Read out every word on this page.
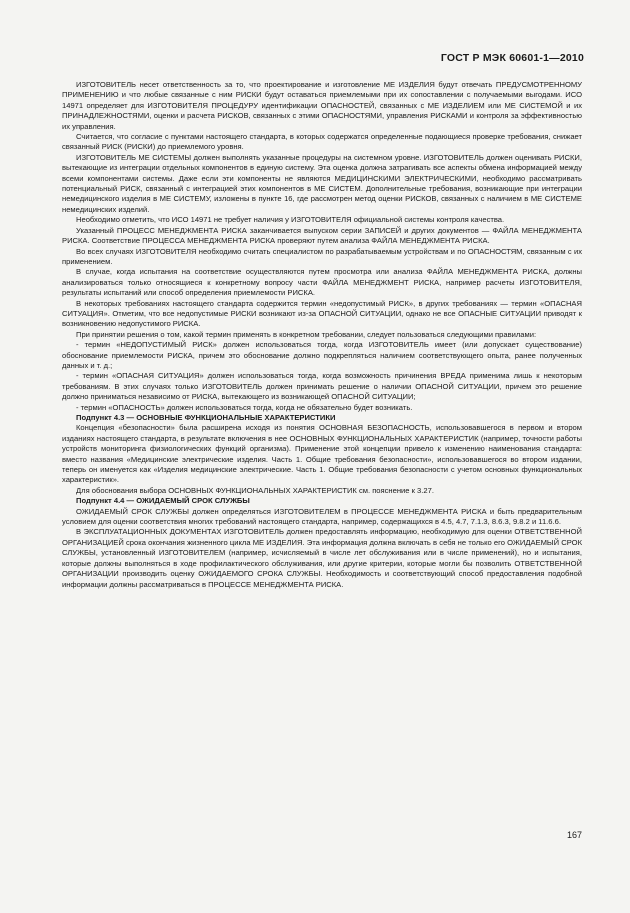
ГОСТ Р МЭК 60601-1—2010

ИЗГОТОВИТЕЛЬ несет ответственность за то, что проектирование и изготовление МЕ ИЗДЕЛИЯ будут отвечать ПРЕДУСМОТРЕННОМУ ПРИМЕНЕНИЮ и что любые связанные с ним РИСКИ будут оставаться приемлемыми при их сопоставлении с получаемыми выгодами. ИСО 14971 определяет для ИЗГОТОВИТЕЛЯ ПРОЦЕДУРУ идентификации ОПАСНОСТЕЙ, связанных с МЕ ИЗДЕЛИЕМ или МЕ СИСТЕМОЙ и их ПРИНАДЛЕЖНОСТЯМИ, оценки и расчета РИСКОВ, связанных с этими ОПАСНОСТЯМИ, управления РИСКАМИ и контроля за эффективностью их управления.

Считается, что согласие с пунктами настоящего стандарта, в которых содержатся определенные подающиеся проверке требования, снижает связанный РИСК (РИСКИ) до приемлемого уровня.

ИЗГОТОВИТЕЛЬ МЕ СИСТЕМЫ должен выполнять указанные процедуры на системном уровне. ИЗГОТОВИТЕЛЬ должен оценивать РИСКИ, вытекающие из интеграции отдельных компонентов в единую систему. Эта оценка должна затрагивать все аспекты обмена информацией между всеми компонентами системы. Даже если эти компоненты не являются МЕДИЦИНСКИМИ ЭЛЕКТРИЧЕСКИМИ, необходимо рассматривать потенциальный РИСК, связанный с интеграцией этих компонентов в МЕ СИСТЕМ. Дополнительные требования, возникающие при интеграции немедицинского изделия в МЕ СИСТЕМУ, изложены в пункте 16, где рассмотрен метод оценки РИСКОВ, связанных с наличием в МЕ СИСТЕМЕ немедицинских изделий.

Необходимо отметить, что ИСО 14971 не требует наличия у ИЗГОТОВИТЕЛЯ официальной системы контроля качества.

Указанный ПРОЦЕСС МЕНЕДЖМЕНТА РИСКА заканчивается выпуском серии ЗАПИСЕЙ и других документов — ФАЙЛА МЕНЕДЖМЕНТА РИСКА. Соответствие ПРОЦЕССА МЕНЕДЖМЕНТА РИСКА проверяют путем анализа ФАЙЛА МЕНЕДЖМЕНТА РИСКА.

Во всех случаях ИЗГОТОВИТЕЛЯ необходимо считать специалистом по разрабатываемым устройствам и по ОПАСНОСТЯМ, связанным с их применением.

В случае, когда испытания на соответствие осуществляются путем просмотра или анализа ФАЙЛА МЕНЕДЖМЕНТА РИСКА, должны анализироваться только относящиеся к конкретному вопросу части ФАЙЛА МЕНЕДЖМЕНТ РИСКА, например расчеты ИЗГОТОВИТЕЛЯ, результаты испытаний или способ определения приемлемости РИСКА.

В некоторых требованиях настоящего стандарта содержится термин «недопустимый РИСК», в других требованиях — термин «ОПАСНАЯ СИТУАЦИЯ». Отметим, что все недопустимые РИСКИ возникают из-за ОПАСНОЙ СИТУАЦИИ, однако не все ОПАСНЫЕ СИТУАЦИИ приводят к возникновению недопустимого РИСКА.

При принятии решения о том, какой термин применять в конкретном требовании, следует пользоваться следующими правилами:

- термин «НЕДОПУСТИМЫЙ РИСК» должен использоваться тогда, когда ИЗГОТОВИТЕЛЬ имеет (или допускает существование) обоснование приемлемости РИСКА, причем это обоснование должно подкрепляться наличием соответствующего опыта, ранее полученных данных и т. д.;

- термин «ОПАСНАЯ СИТУАЦИЯ» должен использоваться тогда, когда возможность причинения ВРЕДА применима лишь к некоторым требованиям. В этих случаях только ИЗГОТОВИТЕЛЬ должен принимать решение о наличии ОПАСНОЙ СИТУАЦИИ, причем это решение должно приниматься независимо от РИСКА, вытекающего из возникающей ОПАСНОЙ СИТУАЦИИ;

- термин «ОПАСНОСТЬ» должен использоваться тогда, когда не обязательно будет возникать.

Подпункт 4.3 — ОСНОВНЫЕ ФУНКЦИОНАЛЬНЫЕ ХАРАКТЕРИСТИКИ

Концепция «безопасности» была расширена исходя из понятия ОСНОВНАЯ БЕЗОПАСНОСТЬ, использовавшегося в первом и втором изданиях настоящего стандарта, в результате включения в нее ОСНОВНЫХ ФУНКЦИОНАЛЬНЫХ ХАРАКТЕРИСТИК (например, точности работы устройств мониторинга физиологических функций организма). Применение этой концепции привело к изменению наименования стандарта: вместо названия «Медицинские электрические изделия. Часть 1. Общие требования безопасности», использовавшегося во втором издании, теперь он именуется как «Изделия медицинские электрические. Часть 1. Общие требования безопасности с учетом основных функциональных характеристик».

Для обоснования выбора ОСНОВНЫХ ФУНКЦИОНАЛЬНЫХ ХАРАКТЕРИСТИК см. пояснение к 3.27.

Подпункт 4.4 — ОЖИДАЕМЫЙ СРОК СЛУЖБЫ

ОЖИДАЕМЫЙ СРОК СЛУЖБЫ должен определяться ИЗГОТОВИТЕЛЕМ в ПРОЦЕССЕ МЕНЕДЖМЕНТА РИСКА и быть предварительным условием для оценки соответствия многих требований настоящего стандарта, например, содержащихся в 4.5, 4.7, 7.1.3, 8.6.3, 9.8.2 и 11.6.6.

В ЭКСПЛУАТАЦИОННЫХ ДОКУМЕНТАХ ИЗГОТОВИТЕЛЬ должен предоставлять информацию, необходимую для оценки ОТВЕТСТВЕННОЙ ОРГАНИЗАЦИЕЙ срока окончания жизненного цикла МЕ ИЗДЕЛИЯ. Эта информация должна включать в себя не только его ОЖИДАЕМЫЙ СРОК СЛУЖБЫ, установленный ИЗГОТОВИТЕЛЕМ (например, исчисляемый в числе лет обслуживания или в числе применений), но и испытания, которые должны выполняться в ходе профилактического обслуживания, или другие критерии, которые могли бы позволить ОТВЕТСТВЕННОЙ ОРГАНИЗАЦИИ производить оценку ОЖИДАЕМОГО СРОКА СЛУЖБЫ. Необходимость и соответствующий способ предоставления подобной информации должны рассматриваться в ПРОЦЕССЕ МЕНЕДЖМЕНТА РИСКА.

167
